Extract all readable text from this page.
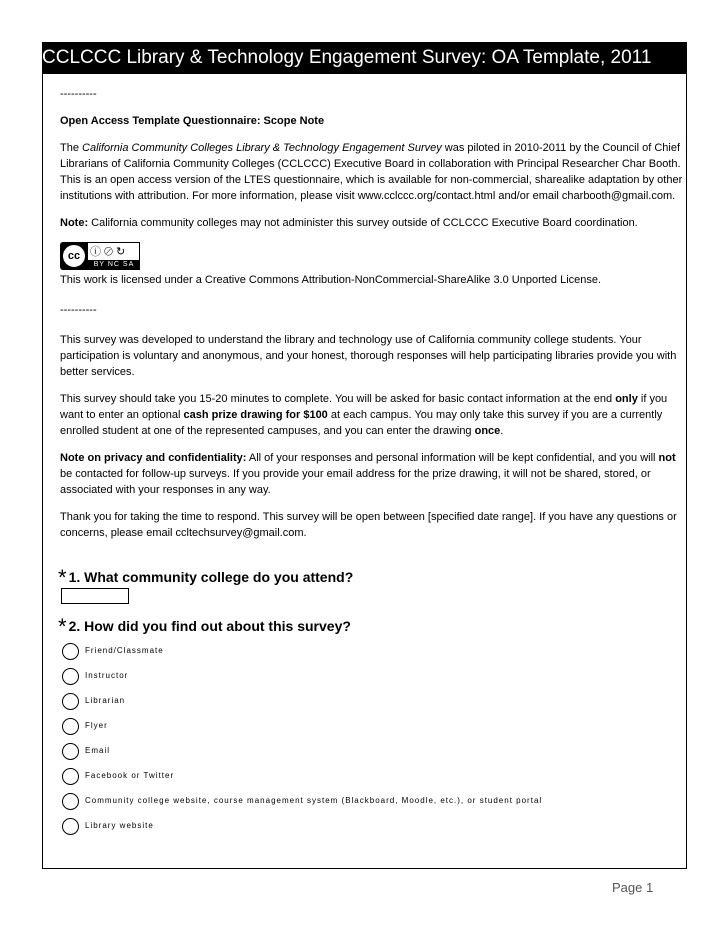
CCLCCC Library & Technology Engagement Survey: OA Template, 2011

----------

Open Access Template Questionnaire: Scope Note

The California Community Colleges Library & Technology Engagement Survey was piloted in 2010-2011 by the Council of Chief Librarians of California Community Colleges (CCLCCC) Executive Board in collaboration with Principal Researcher Char Booth. This is an open access version of the LTES questionnaire, which is available for non-commercial, sharealike adaptation by other institutions with attribution. For more information, please visit www.cclccc.org/contact.html and/or email charbooth@gmail.com.

Note: California community colleges may not administer this survey outside of CCLCCC Executive Board coordination.

cc ⓘ⊘↻
BY NC SA

This work is licensed under a Creative Commons Attribution-NonCommercial-ShareAlike 3.0 Unported License.

----------

This survey was developed to understand the library and technology use of California community college students. Your participation is voluntary and anonymous, and your honest, thorough responses will help participating libraries provide you with better services.

This survey should take you 15-20 minutes to complete. You will be asked for basic contact information at the end only if you want to enter an optional cash prize drawing for $100 at each campus. You may only take this survey if you are a currently enrolled student at one of the represented campuses, and you can enter the drawing once.

Note on privacy and confidentiality: All of your responses and personal information will be kept confidential, and you will not be contacted for follow-up surveys. If you provide your email address for the prize drawing, it will not be shared, stored, or associated with your responses in any way.

Thank you for taking the time to respond. This survey will be open between [specified date range]. If you have any questions or concerns, please email ccltechsurvey@gmail.com.

* 1. What community college do you attend?
* 2. How did you find out about this survey?
Friend/Classmate
Instructor
Librarian
Flyer
Email
Facebook or Twitter
Community college website, course management system (Blackboard, Moodle, etc.), or student portal
Library website
Page 1
